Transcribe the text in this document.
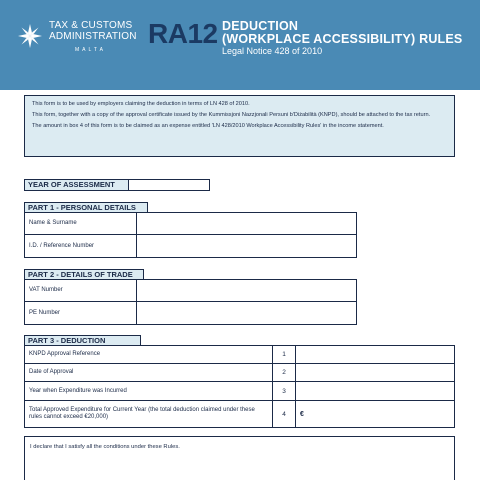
TAX & CUSTOMS
ADMINISTRATION
MALTA
RA12 DEDUCTION
(WORKPLACE ACCESSIBILITY) RULES
Legal Notice 428 of 2010

This form is to be used by employers claiming the deduction in terms of LN 428 of 2010.

This form, together with a copy of the approval certificate issued by the Kummissjoni Nazzjonali Persuni b'Diżabilità (KNPD), should be attached to the tax return.

The amount in box 4 of this form is to be claimed as an expense entitled 'LN 428/2010 Workplace Accessibility Rules' in the income statement.

YEAR OF ASSESSMENT
PART 1 - PERSONAL DETAILS
Name & Surname
I.D. / Reference Number
PART 2 - DETAILS OF TRADE
VAT Number
PE Number
PART 3 - DEDUCTION
KNPD Approval Reference	1
Date of Approval	2
Year when Expenditure was Incurred	3
Total Approved Expenditure for Current Year (the total deduction claimed under these rules cannot exceed €20,000)	4	€
I declare that I satisfy all the conditions under these Rules.
